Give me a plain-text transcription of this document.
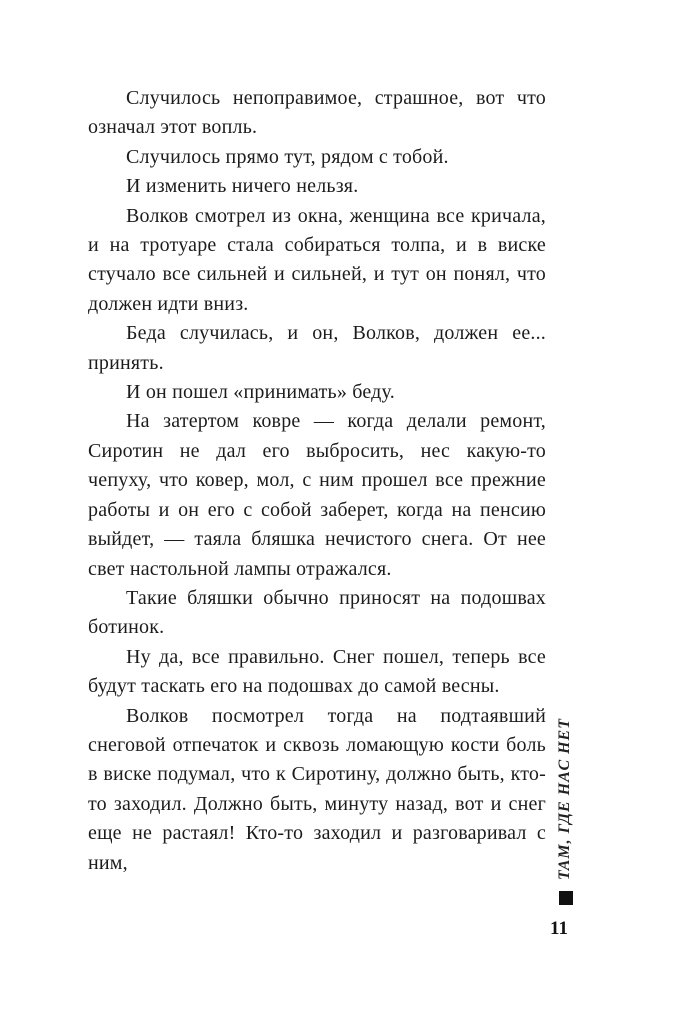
Случилось непоправимое, страшное, вот что означал этот вопль.

Случилось прямо тут, рядом с тобой.

И изменить ничего нельзя.

Волков смотрел из окна, женщина все кричала, и на тротуаре стала собираться толпа, и в виске стучало все сильней и сильней, и тут он понял, что должен идти вниз.

Беда случилась, и он, Волков, должен ее... принять.

И он пошел «принимать» беду.

На затертом ковре — когда делали ремонт, Сиротин не дал его выбросить, нес какую-то чепуху, что ковер, мол, с ним прошел все прежние работы и он его с собой заберет, когда на пенсию выйдет, — таяла бляшка нечистого снега. От нее свет настольной лампы отражался.

Такие бляшки обычно приносят на подошвах ботинок.

Ну да, все правильно. Снег пошел, теперь все будут таскать его на подошвах до самой весны.

Волков посмотрел тогда на подтаявший снеговой отпечаток и сквозь ломающую кости боль в виске подумал, что к Сиротину, должно быть, кто-то заходил. Должно быть, минуту назад, вот и снег еще не растаял! Кто-то заходил и разговаривал с ним,	ТАМ, ГДЕ НАС НЕТ
11
